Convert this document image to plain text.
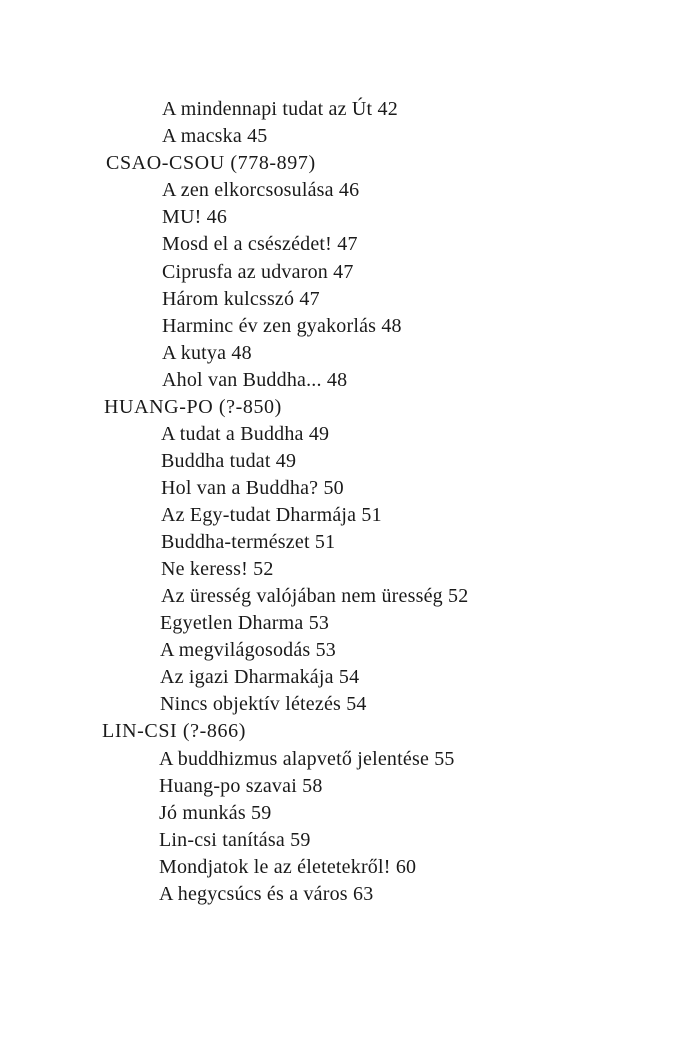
A mindennapi tudat az Út 42
A macska 45
CSAO-CSOU (778-897)
A zen elkorcsosulása 46
MU! 46
Mosd el a csészédet! 47
Ciprusfa az udvaron 47
Három kulcsszó 47
Harminc év zen gyakorlás 48
A kutya 48
Ahol van Buddha... 48
HUANG-PO (?-850)
A tudat a Buddha 49
Buddha tudat 49
Hol van a Buddha? 50
Az Egy-tudat Dharmája 51
Buddha-természet 51
Ne keress! 52
Az üresség valójában nem üresség 52
Egyetlen Dharma 53
A megvilágosodás 53
Az igazi Dharmakája 54
Nincs objektív létezés 54
LIN-CSI (?-866)
A buddhizmus alapvető jelentése 55
Huang-po szavai 58
Jó munkás 59
Lin-csi tanítása 59
Mondjatok le az életetekről! 60
A hegycsúcs és a város 63
